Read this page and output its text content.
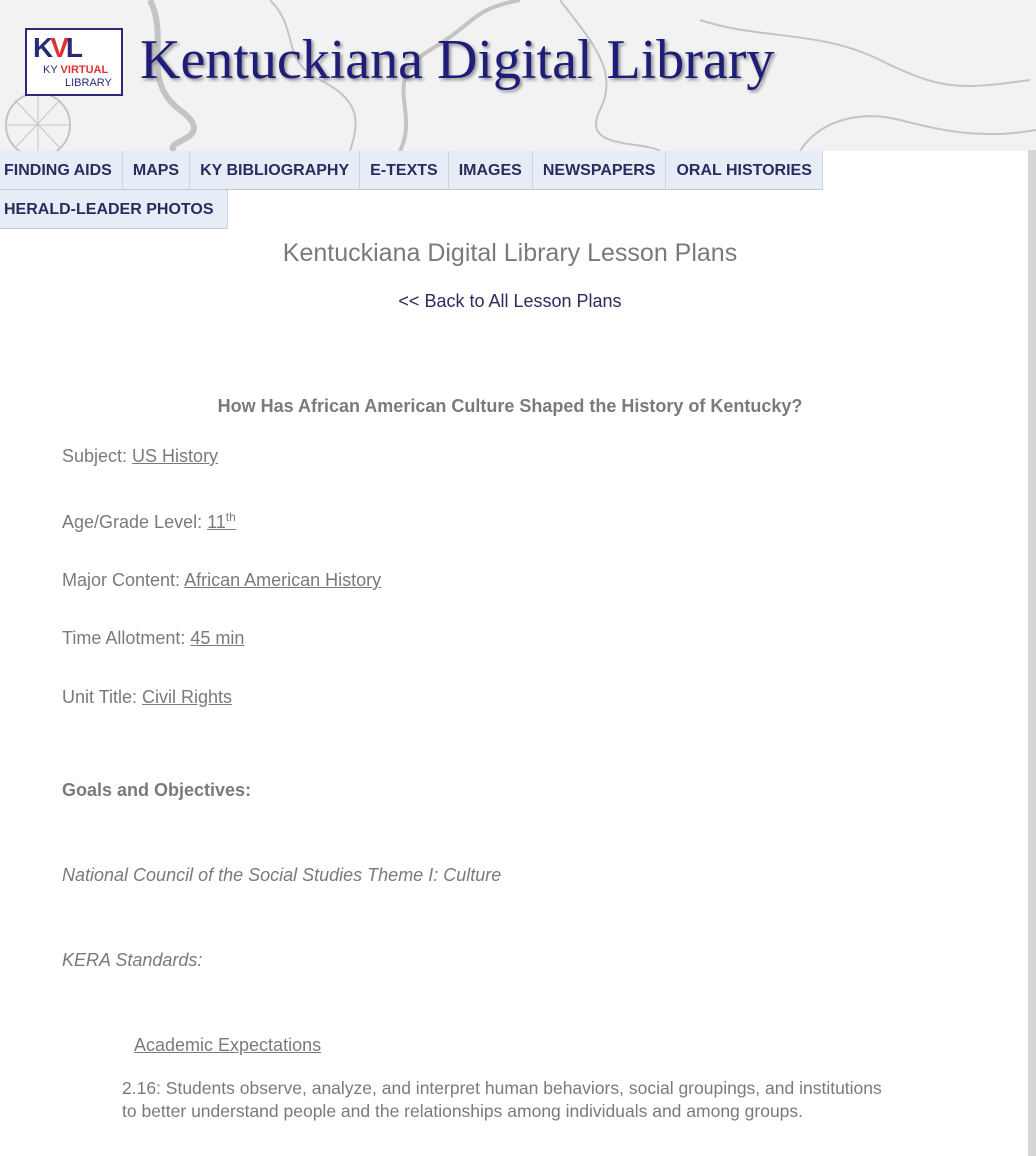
KVL
KY VIRTUAL
LIBRARY Kentuckiana Digital Library
FINDING AIDS	MAPS	KY BIBLIOGRAPHY	E-TEXTS	IMAGES	NEWSPAPERS	ORAL HISTORIES
HERALD-LEADER PHOTOS
Kentuckiana Digital Library Lesson Plans
<< Back to All Lesson Plans
How Has African American Culture Shaped the History of Kentucky?
Subject: US History
Age/Grade Level: 11th
Major Content: African American History
Time Allotment: 45 min
Unit Title: Civil Rights
Goals and Objectives:
National Council of the Social Studies Theme I: Culture
KERA Standards:
Academic Expectations
2.16: Students observe, analyze, and interpret human behaviors, social groupings, and institutions to better understand people and the relationships among individuals and among groups.
